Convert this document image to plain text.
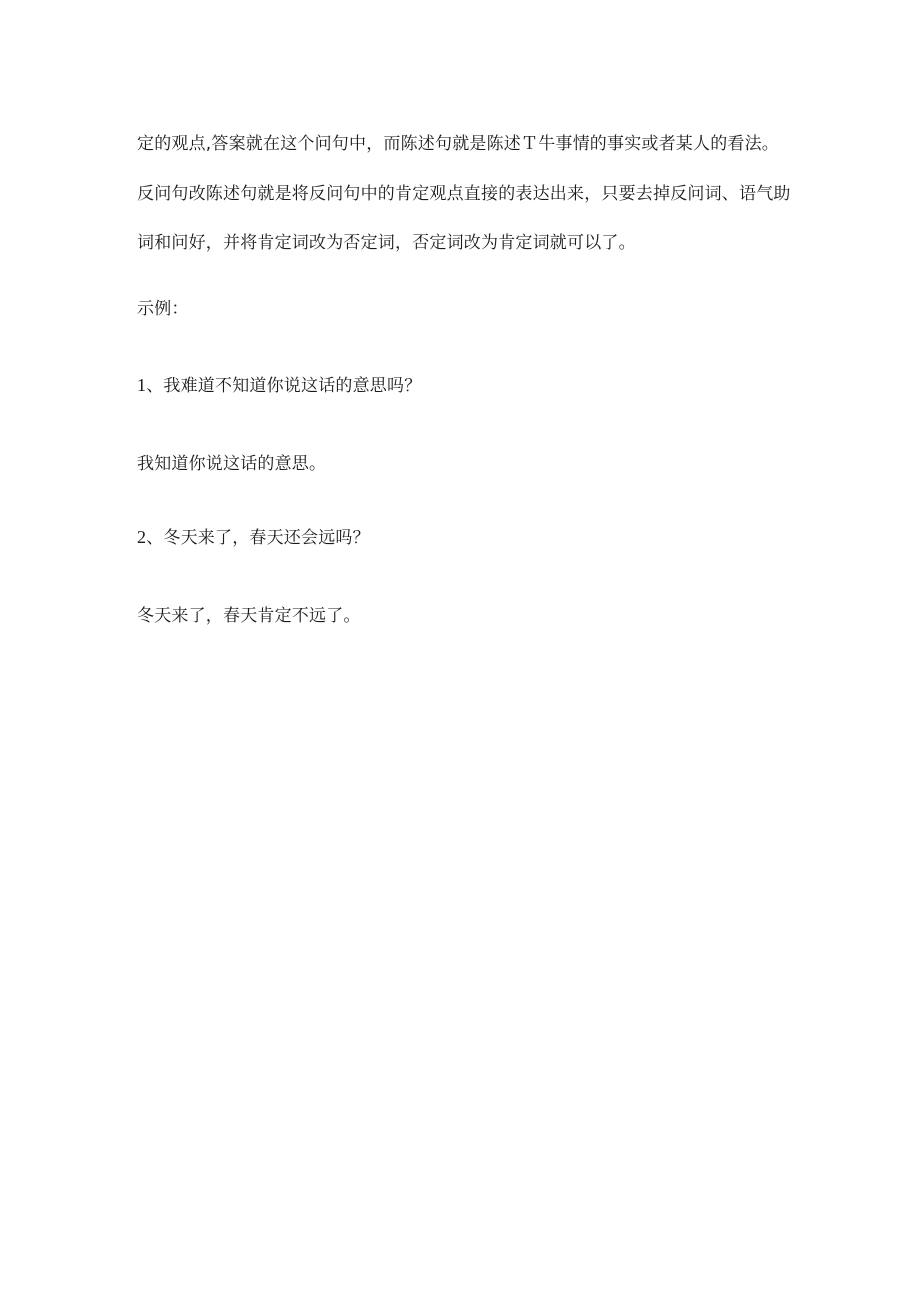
定的观点,答案就在这个问句中，而陈述句就是陈述Ｔ牛事情的事实或者某人的看法。
反问句改陈述句就是将反问句中的肯定观点直接的表达出来，只要去掉反问词、语气助
词和问好，并将肯定词改为否定词，否定词改为肯定词就可以了。
示例：
1、我难道不知道你说这话的意思吗？
我知道你说这话的意思。
2、冬天来了，春天还会远吗？
冬天来了，春天肯定不远了。
